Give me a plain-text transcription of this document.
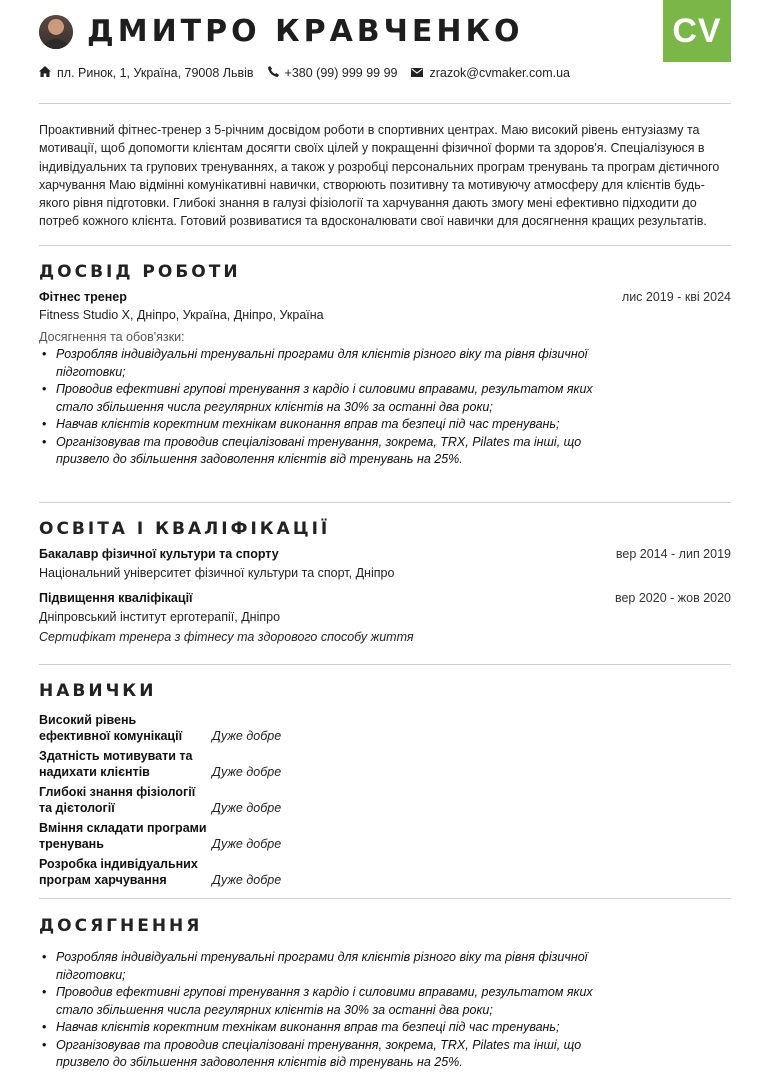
ДМИТРО КРАВЧЕНКО	CV
пл. Ринок, 1, Україна, 79008 Львів +380 (99) 999 99 99	zrazok@cvmaker.com.ua
Проактивний фітнес-тренер з 5-річним досвідом роботи в спортивних центрах. Маю високий рівень ентузіазму та мотивації, щоб допомогти клієнтам досягти своїх цілей у покращенні фізичної форми та здоров'я. Спеціалізуюся в індивідуальних та групових тренуваннях, а також у розробці персональних програм тренувань та програм дієтичного харчування Маю відмінні комунікативні навички, створюють позитивну та мотивуючу атмосферу для клієнтів будь-якого рівня підготовки. Глибокі знання в галузі фізіології та харчування дають змогу мені ефективно підходити до потреб кожного клієнта. Готовий розвиватися та вдосконалювати свої навички для досягнення кращих результатів.
ДОСВІД РОБОТИ
Фітнес тренер	лис 2019 - кві 2024
Fitness Studio X, Дніпро, Україна, Дніпро, Україна
Досягнення та обов'язки:
• Розробляв індивідуальні тренувальні програми для клієнтів різного віку та рівня фізичної підготовки;
• Проводив ефективні групові тренування з кардіо і силовими вправами, результатом яких стало збільшення числа регулярних клієнтів на 30% за останні два роки;
• Навчав клієнтів коректним технікам виконання вправ та безпеці під час тренувань;
• Організовував та проводив спеціалізовані тренування, зокрема, TRX, Pilates та інші, що призвело до збільшення задоволення клієнтів від тренувань на 25%.
ОСВІТА І КВАЛІФІКАЦІЇ
Бакалавр фізичної культури та спорту	вер 2014 - лип 2019
Національний університет фізичної культури та спорт, Дніпро
Підвищення кваліфікації	вер 2020 - жов 2020
Дніпровський інститут ерготерапії, Дніпро
Сертифікат тренера з фітнесу та здорового способу життя
НАВИЧКИ
Високий рівень
ефективної комунікації	Дуже добре
Здатність мотивувати та
надихати клієнтів	Дуже добре
Глибокі знання фізіології
та дієтології	Дуже добре
Вміння складати програми
тренувань	Дуже добре
Розробка індивідуальних
програм харчування	Дуже добре
ДОСЯГНЕННЯ
• Розробляв індивідуальні тренувальні програми для клієнтів різного віку та рівня фізичної підготовки;
• Проводив ефективні групові тренування з кардіо і силовими вправами, результатом яких стало збільшення числа регулярних клієнтів на 30% за останні два роки;
• Навчав клієнтів коректним технікам виконання вправ та безпеці під час тренувань;
• Організовував та проводив спеціалізовані тренування, зокрема, TRX, Pilates та інші, що призвело до збільшення задоволення клієнтів від тренувань на 25%.
